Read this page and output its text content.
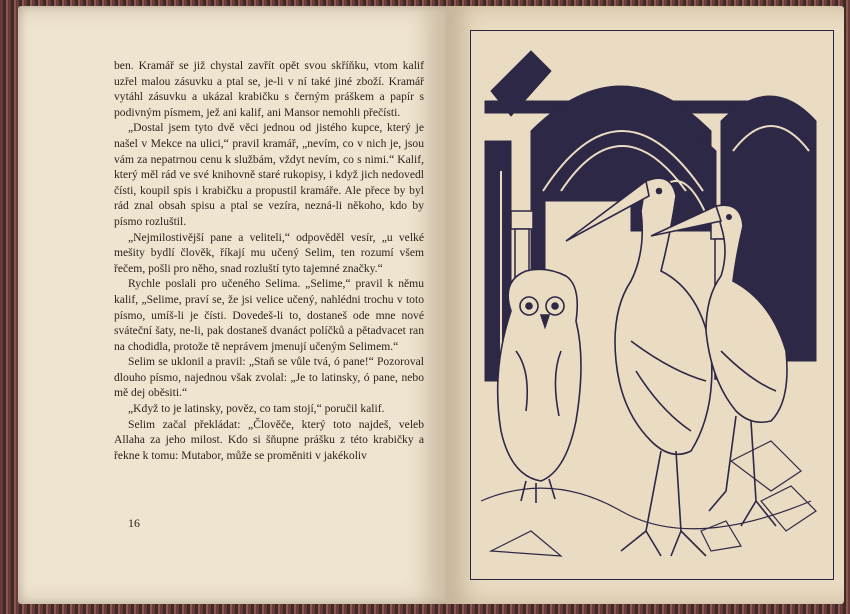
ben. Kramář se již chystal zavřít opět svou skříňku, vtom kalif uzřel malou zásuvku a ptal se, je-li v ní také jiné zboží. Kramář vytáhl zásuvku a ukázal krabičku s černým práškem a papír s podivným písmem, jež ani kalif, ani Mansor nemohli přečísti.

„Dostal jsem tyto dvě věci jednou od jistého kupce, který je našel v Mekce na ulici,“ pravil kramář, „nevím, co v nich je, jsou vám za nepatrnou cenu k službám, vždyt nevím, co s nimi.“ Kalif, který měl rád ve své knihovně staré rukopisy, i když jich nedovedl čísti, koupil spis i krabičku a propustil kramáře. Ale přece by byl rád znal obsah spisu a ptal se vezíra, nezná-li někoho, kdo by písmo rozluštil.

„Nejmilostivější pane a veliteli,“ odpověděl vesír, „u velké mešity bydlí člověk, říkají mu učený Selim, ten rozumí všem řečem, pošli pro něho, snad rozluští tyto tajemné značky.“

Rychle poslali pro učeného Selima. „Selime,“ pravil k němu kalif, „Selime, praví se, že jsi velice učený, nahlédni trochu v toto písmo, umíš-li je čísti. Dovedeš-li to, dostaneš ode mne nové sváteční šaty, ne-li, pak dostaneš dvanáct políčků a pětadvacet ran na chodidla, protože tě neprávem jmenují učeným Selimem.“

Selim se uklonil a pravil: „Staň se vůle tvá, ó pane!“ Pozoroval dlouho písmo, najednou však zvolal: „Je to latinsky, ó pane, nebo mě dej oběsiti.“

„Když to je latinsky, pověz, co tam stojí,“ poručil kalif.

Selim začal překládat: „Člověče, který toto najdeš, veleb Allaha za jeho milost. Kdo si šňupne prášku z této krabičky a řekne k tomu: Mutabor, může se proměniti v jakékoliv

16
